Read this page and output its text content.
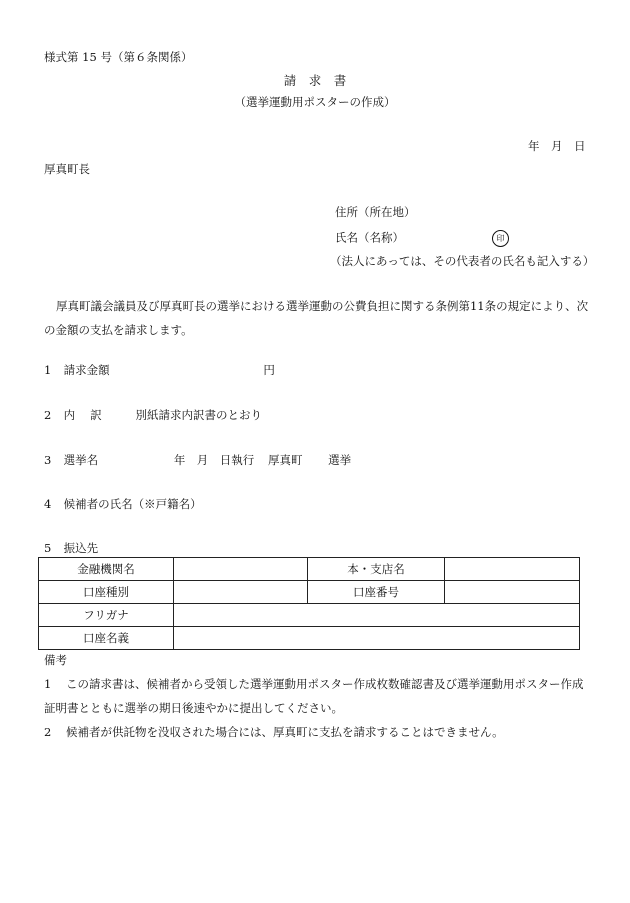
様式第 15 号（第６条関係）
請　求　書
（選挙運動用ポスターの作成）
年　月　日
厚真町長
住所（所在地）
氏名（名称）	印
（法人にあっては、その代表者の氏名も記入する）
厚真町議会議員及び厚真町長の選挙における選挙運動の公費負担に関する条例第11条の規定により、次の金額の支払を請求します。
1 請求金額	円
2 内　 訳	別紙請求内訳書のとおり
3 選挙名	年　月　日執行 厚真町 選挙
4 候補者の氏名（※戸籍名）
5 振込先
金融機関名		本・支店名	
口座種別		口座番号	
フリガナ			
口座名義			
備考
1 この請求書は、候補者から受領した選挙運動用ポスター作成枚数確認書及び選挙運動用ポスター作成証明書とともに選挙の期日後速やかに提出してください。
2 候補者が供託物を没収された場合には、厚真町に支払を請求することはできません。
